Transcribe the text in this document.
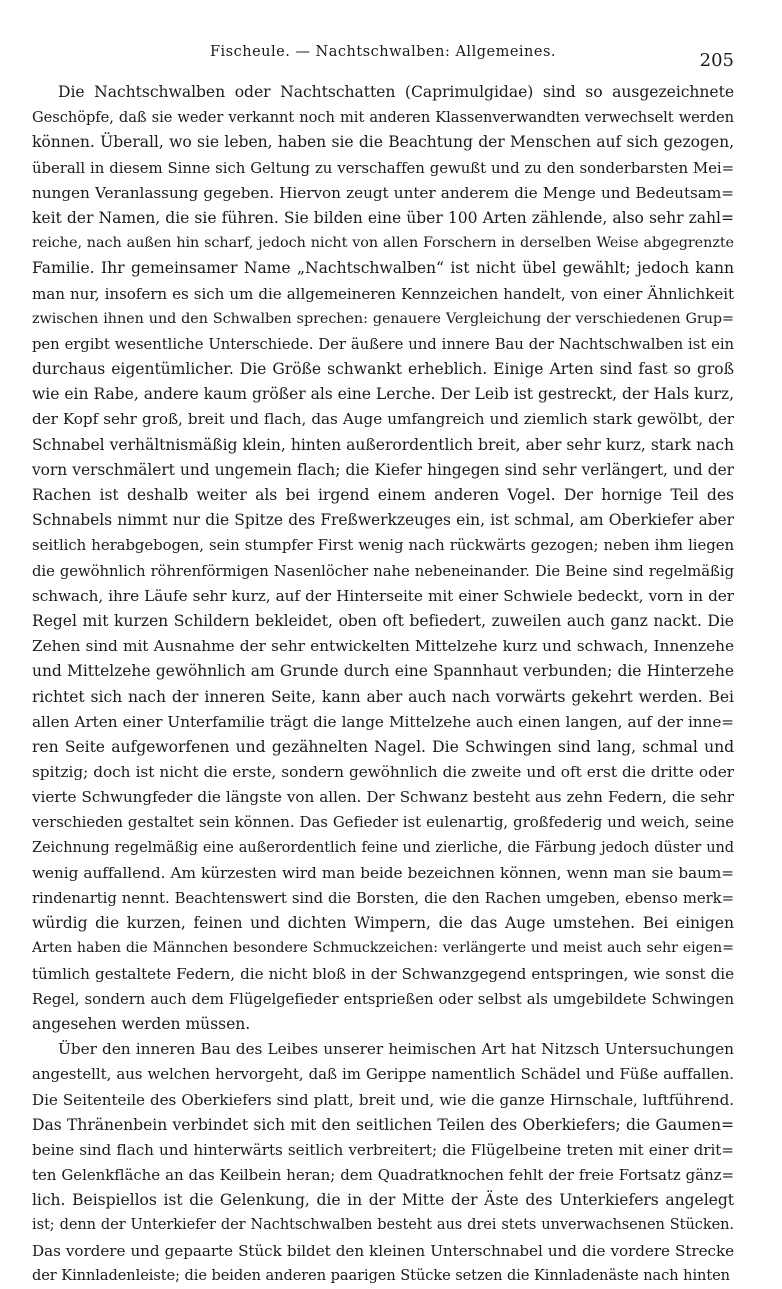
Fischeule. — Nachtschwalben: Allgemeines.	205
Die Nachtschwalben oder Nachtschatten (Caprimulgidae) sind so ausgezeichnete
Geschöpfe, daß sie weder verkannt noch mit anderen Klassenverwandten verwechselt werden
können. Überall, wo sie leben, haben sie die Beachtung der Menschen auf sich gezogen,
überall in diesem Sinne sich Geltung zu verschaffen gewußt und zu den sonderbarsten Mei=
nungen Veranlassung gegeben. Hiervon zeugt unter anderem die Menge und Bedeutsam=
keit der Namen, die sie führen. Sie bilden eine über 100 Arten zählende, also sehr zahl=
reiche, nach außen hin scharf, jedoch nicht von allen Forschern in derselben Weise abgegrenzte
Familie. Ihr gemeinsamer Name „Nachtschwalben“ ist nicht übel gewählt; jedoch kann
man nur, insofern es sich um die allgemeineren Kennzeichen handelt, von einer Ähnlichkeit
zwischen ihnen und den Schwalben sprechen: genauere Vergleichung der verschiedenen Grup=
pen ergibt wesentliche Unterschiede. Der äußere und innere Bau der Nachtschwalben ist ein
durchaus eigentümlicher. Die Größe schwankt erheblich. Einige Arten sind fast so groß
wie ein Rabe, andere kaum größer als eine Lerche. Der Leib ist gestreckt, der Hals kurz,
der Kopf sehr groß, breit und flach, das Auge umfangreich und ziemlich stark gewölbt, der
Schnabel verhältnismäßig klein, hinten außerordentlich breit, aber sehr kurz, stark nach
vorn verschmälert und ungemein flach; die Kiefer hingegen sind sehr verlängert, und der
Rachen ist deshalb weiter als bei irgend einem anderen Vogel. Der hornige Teil des
Schnabels nimmt nur die Spitze des Freßwerkzeuges ein, ist schmal, am Oberkiefer aber
seitlich herabgebogen, sein stumpfer First wenig nach rückwärts gezogen; neben ihm liegen
die gewöhnlich röhrenförmigen Nasenlöcher nahe nebeneinander. Die Beine sind regelmäßig
schwach, ihre Läufe sehr kurz, auf der Hinterseite mit einer Schwiele bedeckt, vorn in der
Regel mit kurzen Schildern bekleidet, oben oft befiedert, zuweilen auch ganz nackt. Die
Zehen sind mit Ausnahme der sehr entwickelten Mittelzehe kurz und schwach, Innenzehe
und Mittelzehe gewöhnlich am Grunde durch eine Spannhaut verbunden; die Hinterzehe
richtet sich nach der inneren Seite, kann aber auch nach vorwärts gekehrt werden. Bei
allen Arten einer Unterfamilie trägt die lange Mittelzehe auch einen langen, auf der inne=
ren Seite aufgeworfenen und gezähnelten Nagel. Die Schwingen sind lang, schmal und
spitzig; doch ist nicht die erste, sondern gewöhnlich die zweite und oft erst die dritte oder
vierte Schwungfeder die längste von allen. Der Schwanz besteht aus zehn Federn, die sehr
verschieden gestaltet sein können. Das Gefieder ist eulenartig, großfederig und weich, seine
Zeichnung regelmäßig eine außerordentlich feine und zierliche, die Färbung jedoch düster und
wenig auffallend. Am kürzesten wird man beide bezeichnen können, wenn man sie baum=
rindenartig nennt. Beachtenswert sind die Borsten, die den Rachen umgeben, ebenso merk=
würdig die kurzen, feinen und dichten Wimpern, die das Auge umstehen. Bei einigen
Arten haben die Männchen besondere Schmuckzeichen: verlängerte und meist auch sehr eigen=
tümlich gestaltete Federn, die nicht bloß in der Schwanzgegend entspringen, wie sonst die
Regel, sondern auch dem Flügelgefieder entsprießen oder selbst als umgebildete Schwingen
angesehen werden müssen.
Über den inneren Bau des Leibes unserer heimischen Art hat Nitzsch Untersuchungen
angestellt, aus welchen hervorgeht, daß im Gerippe namentlich Schädel und Füße auffallen.
Die Seitenteile des Oberkiefers sind platt, breit und, wie die ganze Hirnschale, luftführend.
Das Thränenbein verbindet sich mit den seitlichen Teilen des Oberkiefers; die Gaumen=
beine sind flach und hinterwärts seitlich verbreitert; die Flügelbeine treten mit einer drit=
ten Gelenkfläche an das Keilbein heran; dem Quadratknochen fehlt der freie Fortsatz gänz=
lich. Beispiellos ist die Gelenkung, die in der Mitte der Äste des Unterkiefers angelegt
ist; denn der Unterkiefer der Nachtschwalben besteht aus drei stets unverwachsenen Stücken.
Das vordere und gepaarte Stück bildet den kleinen Unterschnabel und die vordere Strecke
der Kinnladenleiste; die beiden anderen paarigen Stücke setzen die Kinnladenäste nach hinten
